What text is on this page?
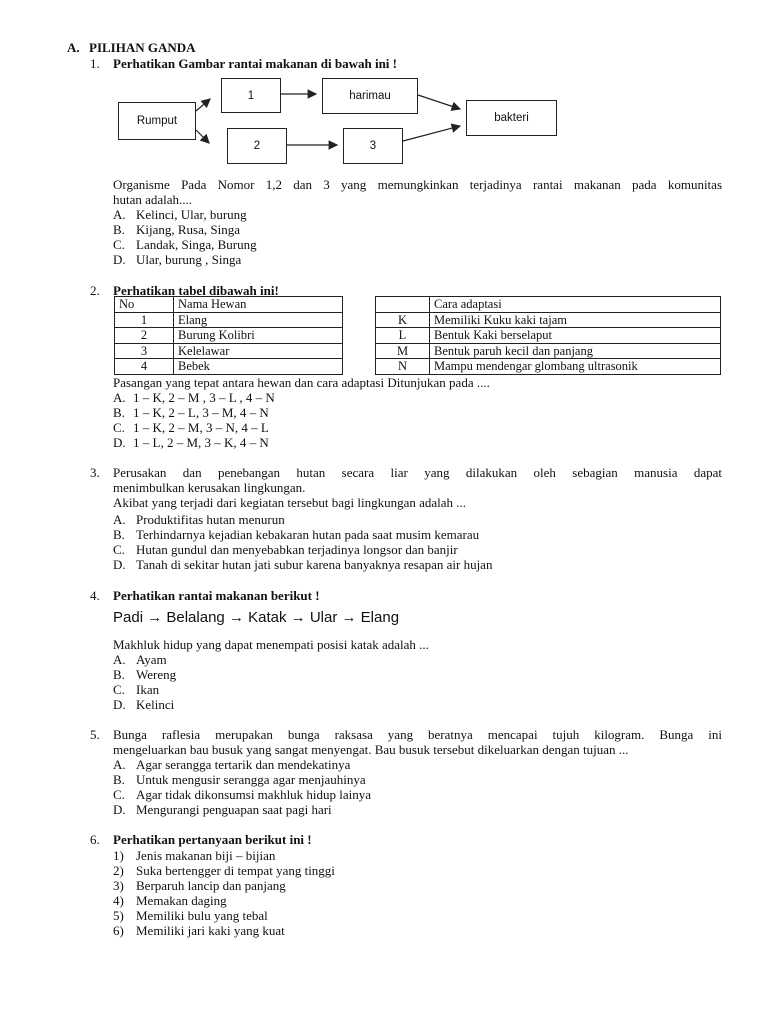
A. PILIHAN GANDA
1. Perhatikan Gambar rantai makanan di bawah ini !
Rumput
1	harimau
2	3
bakteri
Organisme Pada Nomor 1,2 dan 3 yang memungkinkan terjadinya rantai makanan pada komunitas
hutan adalah....
A. Kelinci, Ular, burung
B. Kijang, Rusa, Singa
C. Landak, Singa, Burung
D. Ular, burung , Singa
2. Perhatikan tabel dibawah ini!
No	Nama Hewan
1	Elang
2	Burung Kolibri
3	Kelelawar
4	Bebek
	Cara adaptasi
K	Memiliki Kuku kaki tajam
L	Bentuk Kaki berselaput
M	Bentuk paruh kecil dan panjang
N	Mampu mendengar glombang ultrasonik
Pasangan yang tepat antara hewan dan cara adaptasi Ditunjukan pada ....
A. 1 – K, 2 – M , 3 – L , 4 – N
B. 1 – K, 2 – L, 3 – M, 4 – N
C. 1 – K, 2 – M, 3 – N, 4 – L
D. 1 – L, 2 – M, 3 – K, 4 – N
3. Perusakan dan penebangan hutan secara liar yang dilakukan oleh sebagian manusia dapat
menimbulkan kerusakan lingkungan.
Akibat yang terjadi dari kegiatan tersebut bagi lingkungan adalah ...
A. Produktifitas hutan menurun
B. Terhindarnya kejadian kebakaran hutan pada saat musim kemarau
C. Hutan gundul dan menyebabkan terjadinya longsor dan banjir
D. Tanah di sekitar hutan jati subur karena banyaknya resapan air hujan
4. Perhatikan rantai makanan berikut !
Padi → Belalang → Katak → Ular → Elang
Makhluk hidup yang dapat menempati posisi katak adalah ...
A. Ayam
B. Wereng
C. Ikan
D. Kelinci
5. Bunga raflesia merupakan bunga raksasa yang beratnya mencapai tujuh kilogram. Bunga ini
mengeluarkan bau busuk yang sangat menyengat. Bau busuk tersebut dikeluarkan dengan tujuan ...
A. Agar serangga tertarik dan mendekatinya
B. Untuk mengusir serangga agar menjauhinya
C. Agar tidak dikonsumsi makhluk hidup lainya
D. Mengurangi penguapan saat pagi hari
6. Perhatikan pertanyaan berikut ini !
1) Jenis makanan biji – bijian
2) Suka bertengger di tempat yang tinggi
3) Berparuh lancip dan panjang
4) Memakan daging
5) Memiliki bulu yang tebal
6) Memiliki jari kaki yang kuat
